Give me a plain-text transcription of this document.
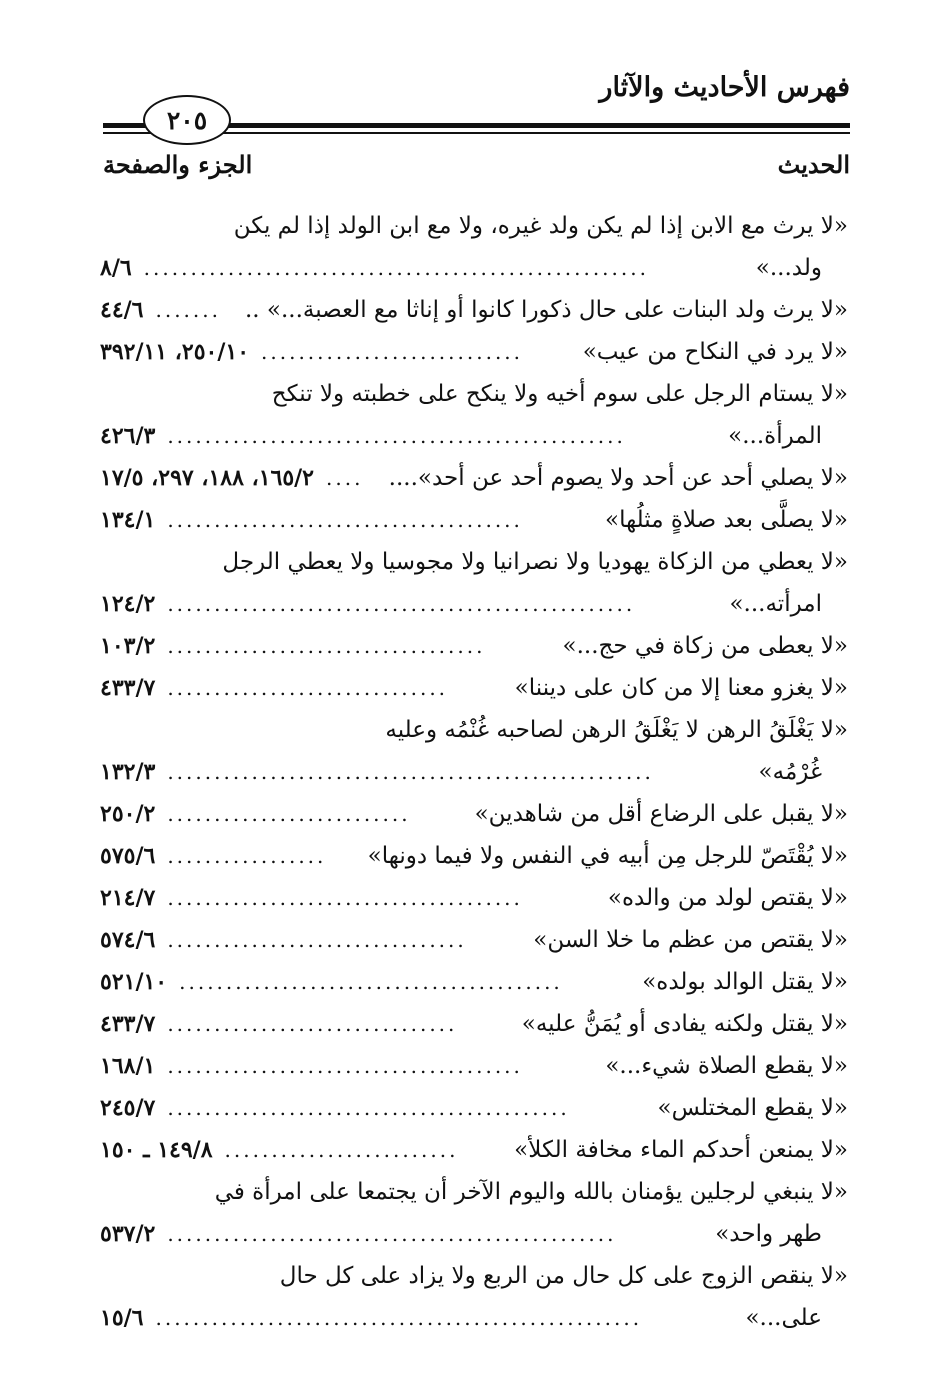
فهرس الأحاديث والآثار
٢٠٥
الحديث
الجزء والصفحة
«لا يرث مع الابن إذا لم يكن ولد غيره، ولا مع ابن الولد إذا لم يكن
ولد...»
٨/٦ ......................................................
«لا يرث ولد البنات على حال ذكورا كانوا أو إناثا مع العصبة...» ..
٤٤/٦ .......
«لا يرد في النكاح من عيب»
٢٥٠/١٠، ٣٩٢/١١ ............................
«لا يستام الرجل على سوم أخيه ولا ينكح على خطبته ولا تنكح
المرأة...»
٤٢٦/٣ .................................................
«لا يصلي أحد عن أحد ولا يصوم أحد عن أحد»....
١٦٥/٢، ١٨٨، ٢٩٧، ١٧/٥ ....
«لا يصلَّى بعد صلاةٍ مثلُها»
١٣٤/١ ......................................
«لا يعطي من الزكاة يهوديا ولا نصرانيا ولا مجوسيا ولا يعطي الرجل
امرأته...»
١٢٤/٢ ..................................................
«لا يعطى من زكاة في حج...»
١٠٣/٢ ..................................
«لا يغزو معنا إلا من كان على ديننا»
٤٣٣/٧ ..............................
«لا يَغْلَقُ الرهن لا يَغْلَقُ الرهن لصاحبه غُنْمُه وعليه
غُرْمُه»
١٣٢/٣ ....................................................
«لا يقبل على الرضاع أقل من شاهدين»
٢٥٠/٢ ..........................
«لا يُقْتَصّ للرجل مِن أبيه في النفس ولا فيما دونها»
٥٧٥/٦ .................
«لا يقتص لولد من والده»
٢١٤/٧ ......................................
«لا يقتص من عظم ما خلا السن»
٥٧٤/٦ ................................
«لا يقتل الوالد بولده»
٥٢١/١٠ .........................................
«لا يقتل ولكنه يفادى أو يُمَنُّ عليه»
٤٣٣/٧ ...............................
«لا يقطع الصلاة شيء...»
١٦٨/١ ......................................
«لا يقطع المختلس»
٢٤٥/٧ ...........................................
«لا يمنعن أحدكم الماء مخافة الكلأ»
١٤٩/٨ ـ ١٥٠ .........................
«لا ينبغي لرجلين يؤمنان بالله واليوم الآخر أن يجتمعا على امرأة في
طهر واحد»
٥٣٧/٢ ................................................
«لا ينقص الزوج على كل حال من الربع ولا يزاد على كل حال
على...»
١٥/٦ ....................................................
